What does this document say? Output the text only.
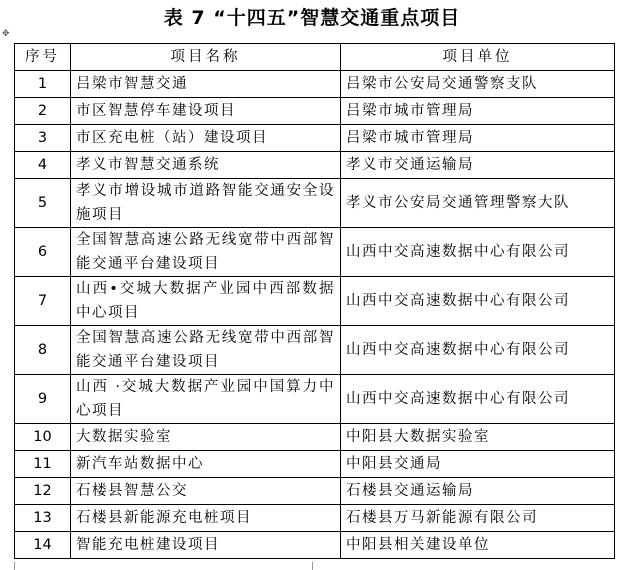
表 7 “十四五”智慧交通重点项目
✥
序号	项目名称	项目单位
1	吕梁市智慧交通	吕梁市公安局交通警察支队
2	市区智慧停车建设项目	吕梁市城市管理局
3	市区充电桩（站）建设项目	吕梁市城市管理局
4	孝义市智慧交通系统	孝义市交通运输局
5	孝义市增设城市道路智能交通安全设施项目	孝义市公安局交通管理警察大队
6	全国智慧高速公路无线宽带中西部智能交通平台建设项目	山西中交高速数据中心有限公司
7	山西•交城大数据产业园中西部数据中心项目	山西中交高速数据中心有限公司
8	全国智慧高速公路无线宽带中西部智能交通平台建设项目	山西中交高速数据中心有限公司
9	山西 ·交城大数据产业园中国算力中心项目	山西中交高速数据中心有限公司
10	大数据实验室	中阳县大数据实验室
11	新汽车站数据中心	中阳县交通局
12	石楼县智慧公交	石楼县交通运输局
13	石楼县新能源充电桩项目	石楼县万马新能源有限公司
14	智能充电桩建设项目	中阳县相关建设单位
